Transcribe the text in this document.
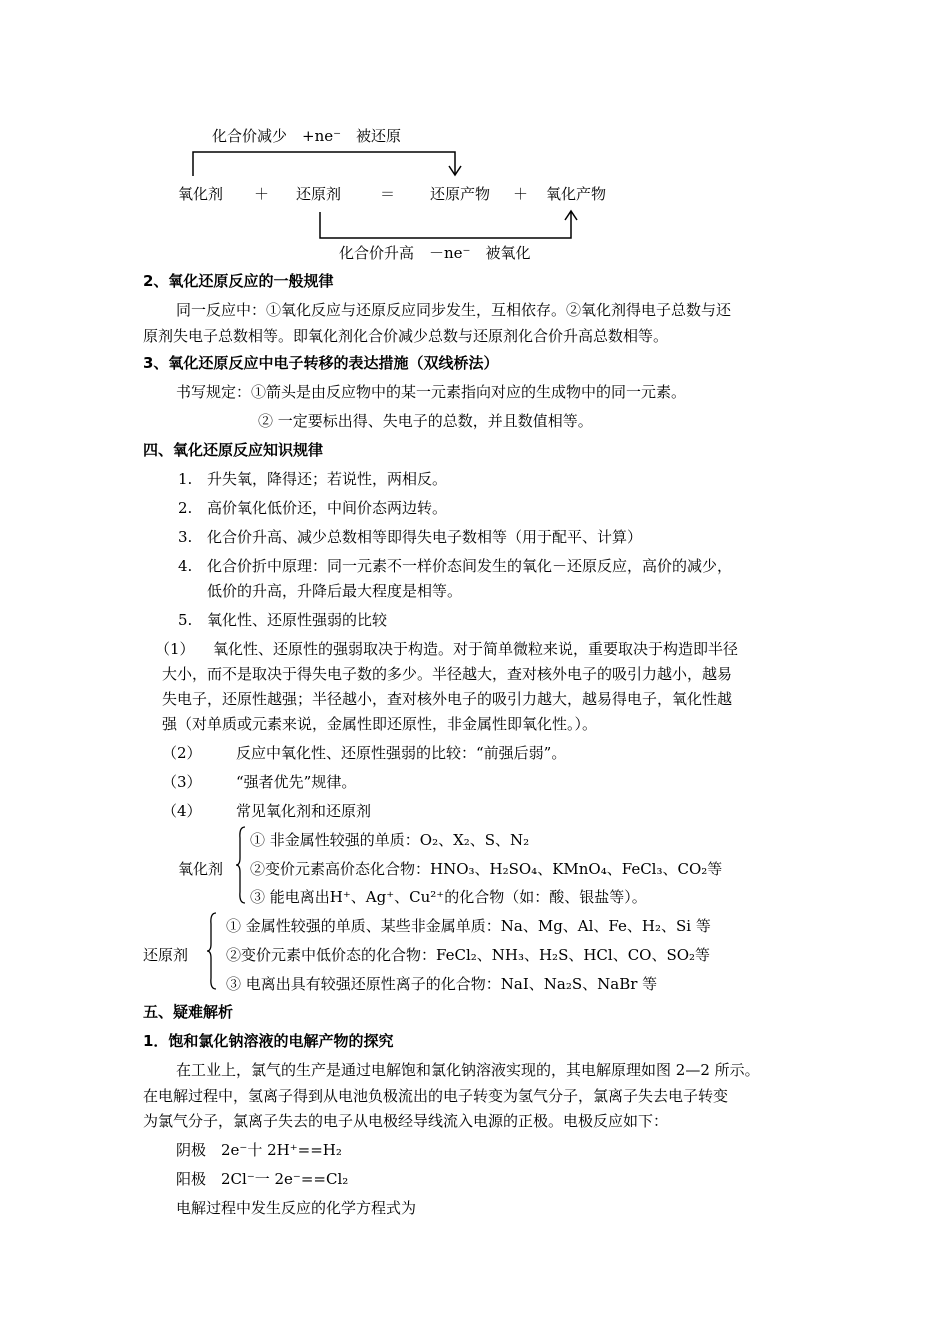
化合价减少　+ne⁻　被还原
氧化剂 ＋ 还原剂	＝ 还原产物 ＋ 氧化产物
化合价升高　－ne⁻　被氧化
2、氧化还原反应的一般规律
同一反应中：①氧化反应与还原反应同步发生，互相依存。②氧化剂得电子总数与还
原剂失电子总数相等。即氧化剂化合价减少总数与还原剂化合价升高总数相等。
3、氧化还原反应中电子转移的表达措施（双线桥法）
书写规定：①箭头是由反应物中的某一元素指向对应的生成物中的同一元素。
② 一定要标出得、失电子的总数，并且数值相等。
四、氧化还原反应知识规律
1. 升失氧，降得还；若说性，两相反。
2. 高价氧化低价还，中间价态两边转。
3. 化合价升高、减少总数相等即得失电子数相等（用于配平、计算）
4. 化合价折中原理：同一元素不一样价态间发生的氧化－还原反应，高价的减少，
低价的升高，升降后最大程度是相等。
5. 氧化性、还原性强弱的比较
（1） 氧化性、还原性的强弱取决于构造。对于简单微粒来说，重要取决于构造即半径
大小，而不是取决于得失电子数的多少。半径越大，查对核外电子的吸引力越小，越易
失电子，还原性越强；半径越小，查对核外电子的吸引力越大，越易得电子，氧化性越
强（对单质或元素来说，金属性即还原性，非金属性即氧化性。）。
（2） 反应中氧化性、还原性强弱的比较：“前强后弱”。
（3） “强者优先”规律。
（4） 常见氧化剂和还原剂
氧化剂
① 非金属性较强的单质：O₂、X₂、S、N₂
②变价元素高价态化合物：HNO₃、H₂SO₄、KMnO₄、FeCl₃、CO₂等
③ 能电离出H⁺、Ag⁺、Cu²⁺的化合物（如：酸、银盐等）。
还原剂
① 金属性较强的单质、某些非金属单质：Na、Mg、Al、Fe、H₂、Si 等
②变价元素中低价态的化合物：FeCl₂、NH₃、H₂S、HCl、CO、SO₂等
③ 电离出具有较强还原性离子的化合物：NaI、Na₂S、NaBr 等
五、疑难解析
1．饱和氯化钠溶液的电解产物的探究
在工业上，氯气的生产是通过电解饱和氯化钠溶液实现的，其电解原理如图 2—2 所示。
在电解过程中，氢离子得到从电池负极流出的电子转变为氢气分子，氯离子失去电子转变
为氯气分子，氯离子失去的电子从电极经导线流入电源的正极。电极反应如下：
阴极　2e⁻十 2H⁺==H₂
阳极　2Cl⁻一 2e⁻==Cl₂
电解过程中发生反应的化学方程式为
